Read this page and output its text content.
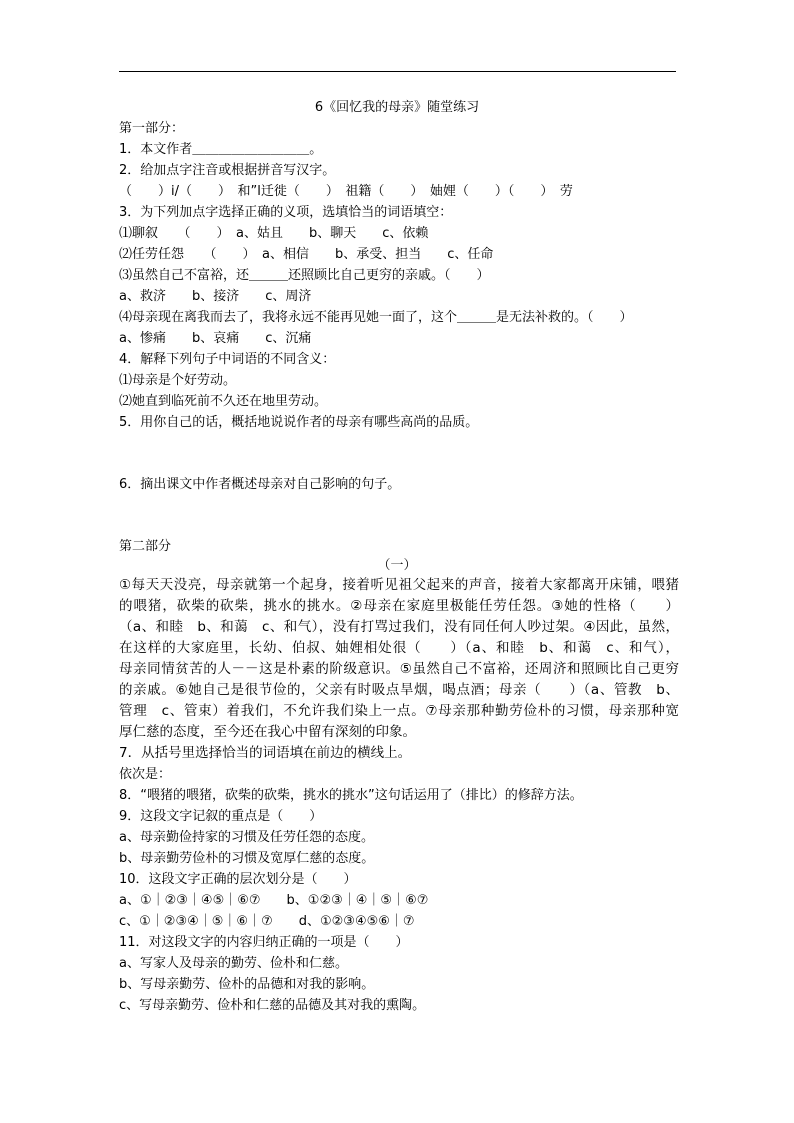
6《回忆我的母亲》随堂练习
第一部分：
1．本文作者＿＿＿＿＿＿＿＿＿。
2．给加点字注音或根据拼音写汉字。
（　　）i/（　　）　和”l迁徙（　　）　祖籍（　　）　妯娌（　　）（　　）　劳
3．为下列加点字选择正确的义项，选填恰当的词语填空：
⑴聊叙　　（　　）　a、姑且　　b、聊天　　c、依赖
⑵任劳任怨　　（　　）　a、相信　　b、承受、担当　　c、任命
⑶虽然自己不富裕，还＿＿＿还照顾比自己更穷的亲戚。（　　）
a、救济　　b、接济　　c、周济
⑷母亲现在离我而去了，我将永远不能再见她一面了，这个＿＿＿是无法补救的。（　　）
a、惨痛　　b、哀痛　　c、沉痛
4．解释下列句子中词语的不同含义：
⑴母亲是个好劳动。
⑵她直到临死前不久还在地里劳动。
5．用你自己的话，概括地说说作者的母亲有哪些高尚的品质。
6．摘出课文中作者概述母亲对自己影响的句子。
第二部分
（一）
①每天天没亮，母亲就第一个起身，接着听见祖父起来的声音，接着大家都离开床铺，喂猪
的喂猪，砍柴的砍柴，挑水的挑水。②母亲在家庭里极能任劳任怨。③她的性格（　　）
（a、和睦　b、和蔼　c、和气），没有打骂过我们，没有同任何人吵过架。④因此，虽然，
在这样的大家庭里，长幼、伯叔、妯娌相处很（　　）（a、和睦　b、和蔼　c、和气），
母亲同情贫苦的人－－这是朴素的阶级意识。⑤虽然自己不富裕，还周济和照顾比自己更穷
的亲戚。⑥她自己是很节俭的，父亲有时吸点旱烟，喝点酒；母亲（　　）（a、管教　b、
管理　c、管束）着我们，不允许我们染上一点。⑦母亲那种勤劳俭朴的习惯，母亲那种宽
厚仁慈的态度，至今还在我心中留有深刻的印象。
7．从括号里选择恰当的词语填在前边的横线上。
依次是：
8．“喂猪的喂猪，砍柴的砍柴，挑水的挑水”这句话运用了（排比）的修辞方法。
9．这段文字记叙的重点是（　　）
a、母亲勤俭持家的习惯及任劳任怨的态度。
b、母亲勤劳俭朴的习惯及宽厚仁慈的态度。
10．这段文字正确的层次划分是（　　）
a、①｜②③｜④⑤｜⑥⑦　　b、①②③｜④｜⑤｜⑥⑦
c、①｜②③④｜⑤｜⑥｜⑦　　d、①②③④⑤⑥｜⑦
11．对这段文字的内容归纳正确的一项是（　　）
a、写家人及母亲的勤劳、俭朴和仁慈。
b、写母亲勤劳、俭朴的品德和对我的影响。
c、写母亲勤劳、俭朴和仁慈的品德及其对我的熏陶。
